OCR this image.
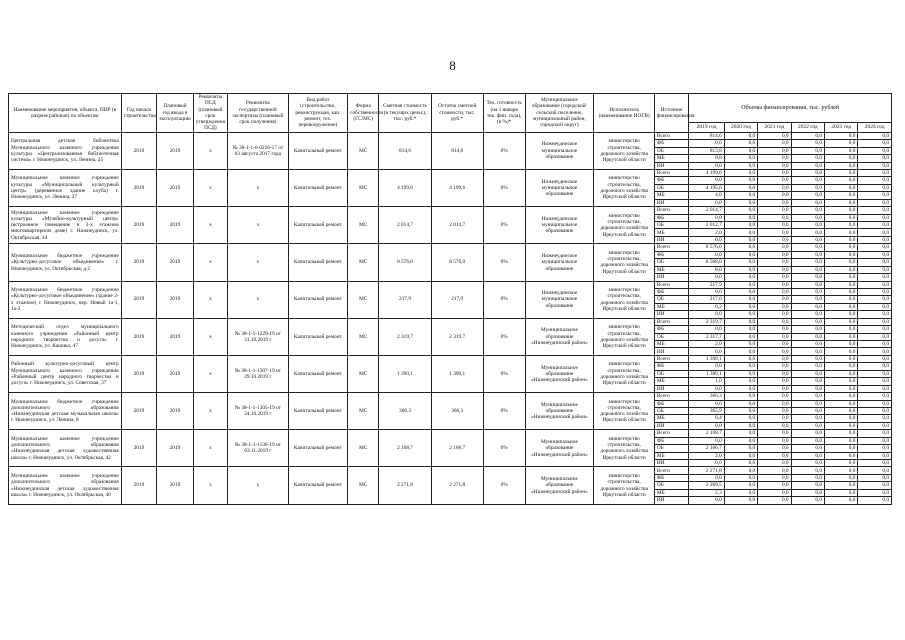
8
Наименование мероприятия, объекта, ПИР (в разрезе районов) по объектам	Год начала строительства	Плановый год ввода в эксплуатацию	Реквизиты ПСД (плановый срок утверждения ПСД)	Реквизиты государственной экспертизы (плановый срок получения)	Вид работ (строительство, реконструкция, кап. ремонт, тех. перевооружение)	Форма собственности (ГС/МС)	Сметная стоимость (в текущих ценах), тыс. руб.*	Остаток сметной стоимости, тыс. руб.*	Тех. готовность (на 1 января тек. фин. года), (в %)*	Муниципальное образование (городской/сельский поселение, муниципальный район, городской округ)	Исполнитель (наименование ИОГВ)	Источник финансирования	Объемы финансирования, тыс. рублей					
													2019 год	2020 год	2021 год	2022 год	2023 год	2024 год
Центральная детская библиотека Муниципального казенного учреждения культуры «Централизованная библиотечная система» г. Нижнеудинск, ул. Ленина, 25	2019	2019	х	№ 38-1-1-6-0216-17 от 03 августа 2017 года	Капитальный ремонт	МС	814,6	814,6	0%	Нижнеудинское муниципальное образование	министерство строительства, дорожного хозяйства Иркутской области	Всего	814,6	0,0	0,0	0,0	0,0	0,0
												ФБ	0,0	0,0	0,0	0,0	0,0	0,0
												ОБ	813,8	0,0	0,0	0,0	0,0	0,0
												МБ	0,8	0,0	0,0	0,0	0,0	0,0
												ИИ	0,0	0,0	0,0	0,0	0,0	0,0
Муниципальное казенное учреждение культуры «Муниципальный культурный центр» (деревянное здание клуба) г. Нижнеудинск, ул. Ленина, 27	2019	2019	х	х	Капитальный ремонт	МС	4 199,6	4 199,6	0%	Нижнеудинское муниципальное образование	министерство строительства, дорожного хозяйства Иркутской области	Всего	4 199,6	0,0	0,0	0,0	0,0	0,0
												ФБ	0,0	0,0	0,0	0,0	0,0	0,0
												ОБ	4 195,6	0,0	0,0	0,0	0,0	0,0
												МБ	4,0	0,0	0,0	0,0	0,0	0,0
												ИИ	0,0	0,0	0,0	0,0	0,0	0,0
Муниципальное казенное учреждение культуры «Музейно-культурный центр» (встроенное помещение в 3-х этажном многоквартирном доме) г. Нижнеудинск, ул. Октябрьская, 44	2019	2019	х	х	Капитальный ремонт	МС	2 014,7	2 014,7	0%	Нижнеудинское муниципальное образование	министерство строительства, дорожного хозяйства Иркутской области	Всего	2 014,7	0,0	0,0	0,0	0,0	0,0
												ФБ	0,0	0,0	0,0	0,0	0,0	0,0
												ОБ	2 012,7	0,0	0,0	0,0	0,0	0,0
												МБ	2,0	0,0	0,0	0,0	0,0	0,0
												ИИ	0,0	0,0	0,0	0,0	0,0	0,0
Муниципальное бюджетное учреждение «Культурно-досуговое объединение» г. Нижнеудинск, ул. Октябрьская, д.2	2019	2019	х	х	Капитальный ремонт	МС	8 576,0	8 576,0	0%	Нижнеудинское муниципальное образование	министерство строительства, дорожного хозяйства Иркутской области	Всего	8 576,0	0,0	0,0	0,0	0,0	0,0
												ФБ	0,0	0,0	0,0	0,0	0,0	0,0
												ОБ	8 568,0	0,0	0,0	0,0	0,0	0,0
												МБ	8,0	0,0	0,0	0,0	0,0	0,0
												ИИ	0,0	0,0	0,0	0,0	0,0	0,0
Муниципальное бюджетное учреждение «Культурно-досуговое объединение» (здание 2-х этажное) г. Нижнеудинск, пер. Новый 1а-1, 1а-2	2019	2019	х	х	Капитальный ремонт	МС	217,9	217,9	0%	Нижнеудинское муниципальное образование	министерство строительства, дорожного хозяйства Иркутской области	Всего	217,9	0,0	0,0	0,0	0,0	0,0
												ФБ	0,0	0,0	0,0	0,0	0,0	0,0
												ОБ	217,6	0,0	0,0	0,0	0,0	0,0
												МБ	0,2	0,0	0,0	0,0	0,0	0,0
												ИИ	0,0	0,0	0,0	0,0	0,0	0,0
Методический отдел муниципального казенного учреждения «Районный центр народного творчества и досуга» г. Нижнеудинск, ул. Кашика, 47	2019	2019	х	№ 38-1-1-1229-19 от 31.10.2019 г	Капитальный ремонт	МС	2 319,7	2 319,7	0%	Муниципальное образование «Нижнеудинский район»	министерство строительства, дорожного хозяйства Иркутской области	Всего	2 319,7	0,0	0,0	0,0	0,0	0,0
												ФБ	0,0	0,0	0,0	0,0	0,0	0,0
												ОБ	2 317,7	0,0	0,0	0,0	0,0	0,0
												МБ	2,0	0,0	0,0	0,0	0,0	0,0
												ИИ	0,0	0,0	0,0	0,0	0,0	0,0
Районный культурно-досуговый центр Муниципального казенного учреждения «Районный центр народного творчества и досуга» г. Нижнеудинск, ул. Советская, 37	2019	2019	х	№ 38-1-1-1307-19 от 29.10.2019 г	Капитальный ремонт	МС	1 390,1	1 390,1	0%	Муниципальное образование «Нижнеудинский район»	министерство строительства, дорожного хозяйства Иркутской области	Всего	1 390,1	0,0	0,0	0,0	0,0	0,0
												ФБ	0,0	0,0	0,0	0,0	0,0	0,0
												ОБ	1 389,1	0,0	0,0	0,0	0,0	0,0
												МБ	1,0	0,0	0,0	0,0	0,0	0,0
												ИИ	0,0	0,0	0,0	0,0	0,0	0,0
Муниципальное бюджетное учреждение дополнительного образования «Нижнеудинская детская музыкальная школа» г. Нижнеудинск, ул. Ленина, 8	2019	2019	х	№ 38-1-1-1305-19 от 24.10.2019 г	Капитальный ремонт	МС	366,3	366,3	0%	Муниципальное образование «Нижнеудинский район»	министерство строительства, дорожного хозяйства Иркутской области	Всего	366,3	0,0	0,0	0,0	0,0	0,0
												ФБ	0,0	0,0	0,0	0,0	0,0	0,0
												ОБ	365,9	0,0	0,0	0,0	0,0	0,0
												МБ	0,4	0,0	0,0	0,0	0,0	0,0
												ИИ	0,0	0,0	0,0	0,0	0,0	0,0
Муниципальное казенное учреждение дополнительного образования «Нижнеудинская детская художественная школа» г. Нижнеудинск, ул. Октябрьская, 42	2019	2019	х	№ 38-1-1-1130-19 от 03.11.2019 г	Капитальный ремонт	МС	2 168,7	2 168,7	0%	Муниципальное образование «Нижнеудинский район»	министерство строительства, дорожного хозяйства Иркутской области	Всего	2 168,7	0,0	0,0	0,0	0,0	0,0
												ФБ	0,0	0,0	0,0	0,0	0,0	0,0
												ОБ	2 166,7	0,0	0,0	0,0	0,0	0,0
												МБ	2,0	0,0	0,0	0,0	0,0	0,0
												ИИ	0,0	0,0	0,0	0,0	0,0	0,0
Муниципальное казенное учреждение дополнительного образования «Нижнеудинская детская художественная школа» г. Нижнеудинск, ул. Октябрьская, 40	2019	2019	х	х	Капитальный ремонт	МС	2 271,8	2 271,8	0%	Муниципальное образование «Нижнеудинский район»	министерство строительства, дорожного хозяйства Иркутской области	Всего	2 271,8	0,0	0,0	0,0	0,0	0,0
												ФБ	0,0	0,0	0,0	0,0	0,0	0,0
												ОБ	2 269,5	0,0	0,0	0,0	0,0	0,0
												МБ	2,3	0,0	0,0	0,0	0,0	0,0
												ИИ	0,0	0,0	0,0	0,0	0,0	0,0
